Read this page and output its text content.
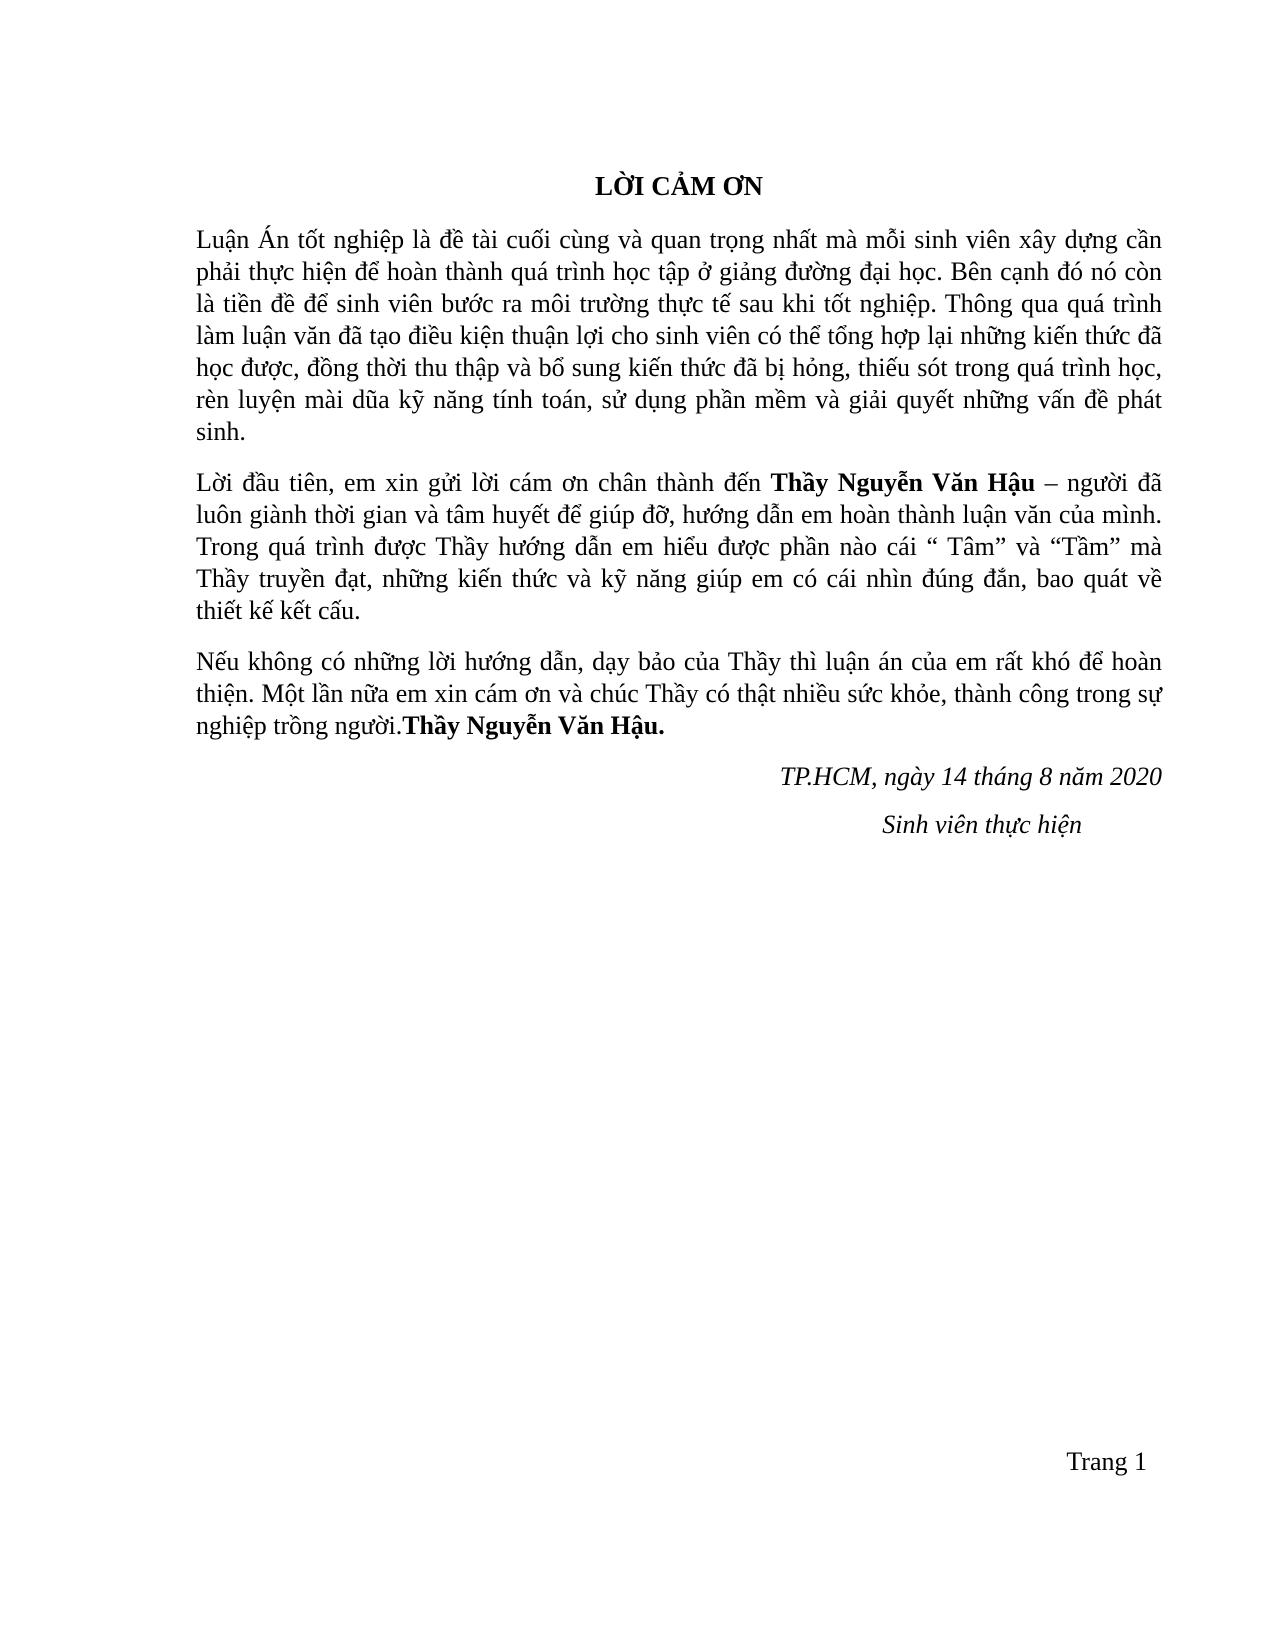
LỜI CẢM ƠN

Luận Án tốt nghiệp là đề tài cuối cùng và quan trọng nhất mà mỗi sinh viên xây dựng cần phải thực hiện để hoàn thành quá trình học tập ở giảng đường đại học. Bên cạnh đó nó còn là tiền đề để sinh viên bước ra môi trường thực tế sau khi tốt nghiệp. Thông qua quá trình làm luận văn đã tạo điều kiện thuận lợi cho sinh viên có thể tổng hợp lại những kiến thức đã học được, đồng thời thu thập và bổ sung kiến thức đã bị hỏng, thiếu sót trong quá trình học, rèn luyện mài dũa kỹ năng tính toán, sử dụng phần mềm và giải quyết những vấn đề phát sinh.

Lời đầu tiên, em xin gửi lời cám ơn chân thành đến Thầy Nguyễn Văn Hậu – người đã luôn giành thời gian và tâm huyết để giúp đỡ, hướng dẫn em hoàn thành luận văn của mình. Trong quá trình được Thầy hướng dẫn em hiểu được phần nào cái “ Tâm” và “Tầm” mà Thầy truyền đạt, những kiến thức và kỹ năng giúp em có cái nhìn đúng đắn, bao quát về thiết kế kết cấu.

Nếu không có những lời hướng dẫn, dạy bảo của Thầy thì luận án của em rất khó để hoàn thiện. Một lần nữa em xin cám ơn và chúc Thầy có thật nhiều sức khỏe, thành công trong sự nghiệp trồng người.Thầy Nguyễn Văn Hậu.

TP.HCM, ngày 14 tháng 8 năm 2020
Sinh viên thực hiện
Trang 1
